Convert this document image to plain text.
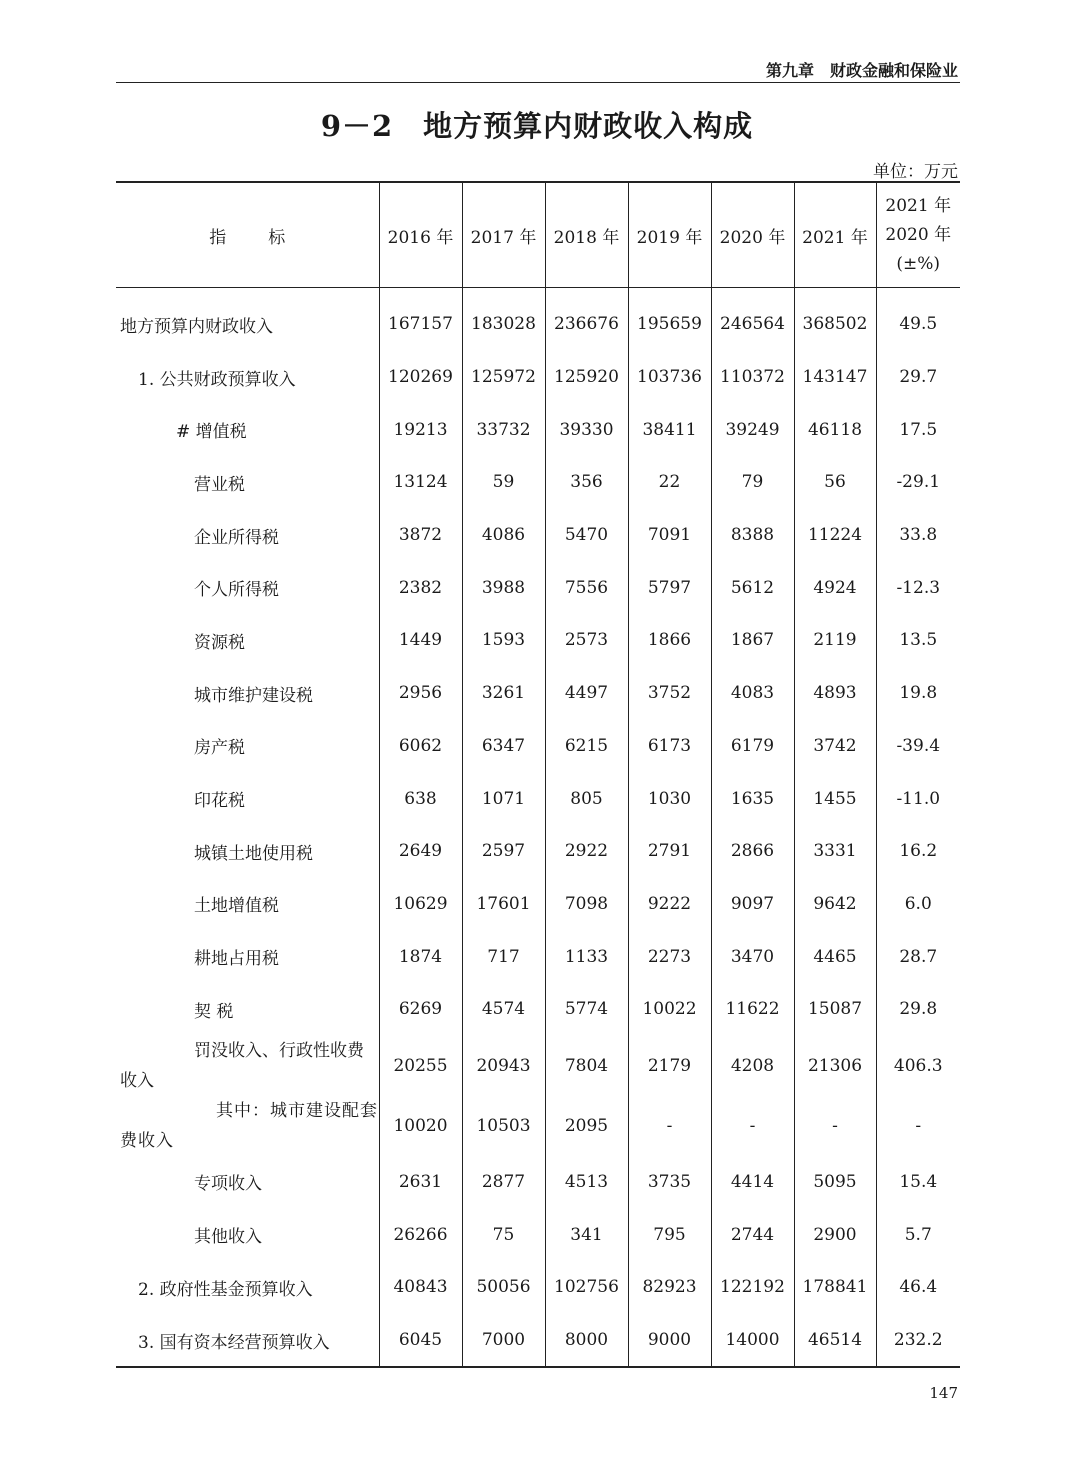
第九章　财政金融和保险业
9－2　地方预算内财政收入构成
单位：万元
指标	2016 年	2017 年	2018 年	2019 年	2020 年	2021 年	2021 年
2020 年
(±%)

地方预算内财政收入	167157	183028	236676	195659	246564	368502	49.5

1. 公共财政预算收入	120269	125972	125920	103736	110372	143147	29.7

# 增值税	19213	33732	39330	38411	39249	46118	17.5

营业税	13124	59	356	22	79	56	-29.1

企业所得税	3872	4086	5470	7091	8388	11224	33.8

个人所得税	2382	3988	7556	5797	5612	4924	-12.3

资源税	1449	1593	2573	1866	1867	2119	13.5

城市维护建设税	2956	3261	4497	3752	4083	4893	19.8

房产税	6062	6347	6215	6173	6179	3742	-39.4

印花税	638	1071	805	1030	1635	1455	-11.0

城镇土地使用税	2649	2597	2922	2791	2866	3331	16.2

土地增值税	10629	17601	7098	9222	9097	9642	6.0

耕地占用税	1874	717	1133	2273	3470	4465	28.7

契 税	6269	4574	5774	10022	11622	15087	29.8

罚没收入、行政性收费收入	20255	20943	7804	2179	4208	21306	406.3

其中：城市建设配套费收入	10020	10503	2095	-	-	-	-

专项收入	2631	2877	4513	3735	4414	5095	15.4

其他收入	26266	75	341	795	2744	2900	5.7

2. 政府性基金预算收入	40843	50056	102756	82923	122192	178841	46.4

3. 国有资本经营预算收入	6045	7000	8000	9000	14000	46514	232.2
147
